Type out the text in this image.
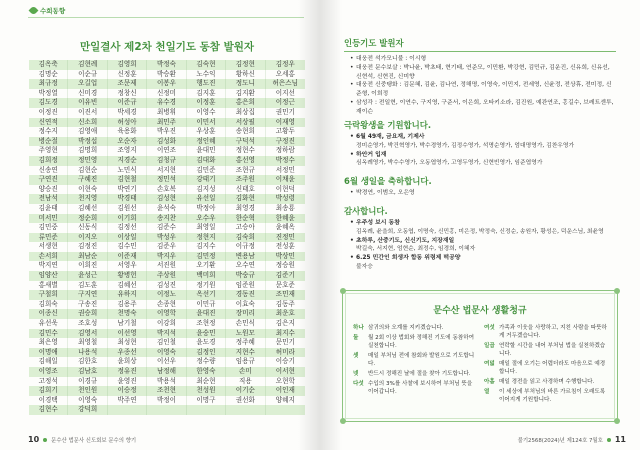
수희동향
만일결사 제2차 천일기도 동참 발원자
김옥축	김현례	김영희	박정숙	김숙현	김정현	김정우
김명순	이순규	신정훈	박승환	노수익	황하신	오세홍
최규정	오길업	조문제	이봉우	행도진	정도니	허은스님
박정열	신미경	정창신	신정미	김지훈	김지환	이지선
김도경	이유빈	이준규	유수경	이정훈	홍은희	이정근
이정진	이진서	박세경	최병휘	이영수	최상집	권민기
신연적	신소희	허성아	최민주	이민서	서상필	이재영
정수지	김영애	육용화	박우진	우상훈	송현희	고황두
병순절	박정섭	오순자	김성화	정인혜	구덕석	구정진
주영현	김명희	조영지	이연조	윤대민	정현수	정하람
김희정	정민영	지경순	김청규	김대화	홍선영	박정수
신송연	김현순	노민식	서지현	김민준	조현규	서정민
구연진	구혜진	김현철	정민석	강태기	조주원	이채윤
양승진	이현숙	박연기	손호복	김지성	신태호	이현덕
전남석	천지영	박경태	김성현	유선일	김화현	박성령
김윤태	김혜선	김원선	윤석숙	박정아	최영경	최송룡
미서민	정순희	이기희	송지찬	오수우	한순혁	한혜윤
김민중	신동식	김정선	김준수	최영일	고승아	윤혜옥
류민준	이지오	이상일	박성우	정현지	김숙희	진정민
서생현	김정진	김수민	김준우	김지수	이규정	전성훈
손서희	최남순	이준재	박지우	김민정	변용남	박상민
박지연	이희진	서영우	서진원	오기환	오수연	정승원
임양산	윤성근	황병헌	주상원	백미희	박숭규	김준기
홍새별	김도훈	김혜선	김성진	정기원	임준원	문호준
구철희	구지연	유하지	이정노	옥선기	경동진	조민재
김희숙	구송진	김용주	손종현	이민규	이효숙	김동주
이종신	권승희	천명숙	이영학	윤대진	장미리	최운호
유선욱	조호성	남기철	이강희	조현정	손민식	김은지
김민수	김영서	이선영	박지석	윤숭민	노원모	최지수
최은영	최영철	최성현	김인철	윤도경	정주혜	문민기
이명애	나용석	우종선	이영숙	김정인	지현수	허미라
김해일	김한호	윤희상	이선우	정수량	임용규	이승기
이영조	김남호	정유진	남정해	한영숙	손미	이서현
고정석	이경규	윤영진	박용석	최순현	직용	오현학
김희기	천인원	이승정	조천현	천성원	이기순	이인재
이경택	이영숙	박주연	박정이	이명구	권선화	양혜지
김현수	강덕희
10 문수산 법문사 신도회보 문수의 향기
인등기도 발원자
• 대웅전 석가모니불 : 이시형
• 대웅전 문수보살 : 박나윤, 박초태, 현기태, 연준모, 이민환, 박강현, 김민규, 김운진, 신유희, 신유선, 신현석, 신현진, 신미향
• 대웅전 신중탱화 : 김문혜, 김윤, 김나연, 정해명, 이영숙, 이민지, 전세영, 신윤정, 전상휴, 전미정, 신준형, 이희정
• 삼성각 : 전일현, 이연수, 구지영, 구준서, 이은희, 오타키소라, 김진원, 예관연조, 홍길수, 브레트센투, 재이슨
극락왕생을 기원합니다.
• 6월 49재, 금요재, 기제사
정미순영가, 박건혁영가, 박수경영가, 김정수영가, 석명순영가, 엄대명영가, 김찬우영가
• 하안거 입재
심옥례영가, 박수수영가, 오동엽영가, 고영두영가, 신현빈영가, 임준엽영가
6월 생일을 축하합니다.
• 박경연, 이범오, 오은영
감사합니다.
• 우주성 보시 동참
김옥례, 윤을희, 오동엽, 이명숙, 신민홍, 미은정, 박정숙, 신정순, 송원자, 황성은, 덕운스님, 최윤영
• 초하루, 산중기도, 신신기도, 지장재일
박길숙, 서지현, 엄현순, 최정수, 임경희, 이혜자
• 6.25 민간인 희생자 합동 위령제 떡공양
불자승
문수산 법문사 생활청규
하나 삼귀의와 오계를 지키겠습니다.
둘	월 2회 이상 법회와 정해진 기도에 동참하여 실천합니다.
셋	매일 부처님 전에 참회와 발원으로 기도합니다.
넷	반드시 정해진 날에 절을 찾아 기도합니다.
다섯 수입의 3%를 사찰에 보시하여 부처님 뜻을 이어갑니다.
여섯 가족과 이웃을 사랑하고, 지친 사람을 따뜻하게 거두겠습니다.
일곱 연락할 시간을 내어 부처님 법을 실천하겠습니다.
여덟 매일 절에 오기는 어렵더라도 마음으로 예경합니다.
아홉 매일 경전을 읽고 사경하며 수행합니다.
열	이 세상에 부처님의 바른 가르침이 오래도록 이어지게 기원합니다.
불기2568(2024)년 제124호 7월호 11
